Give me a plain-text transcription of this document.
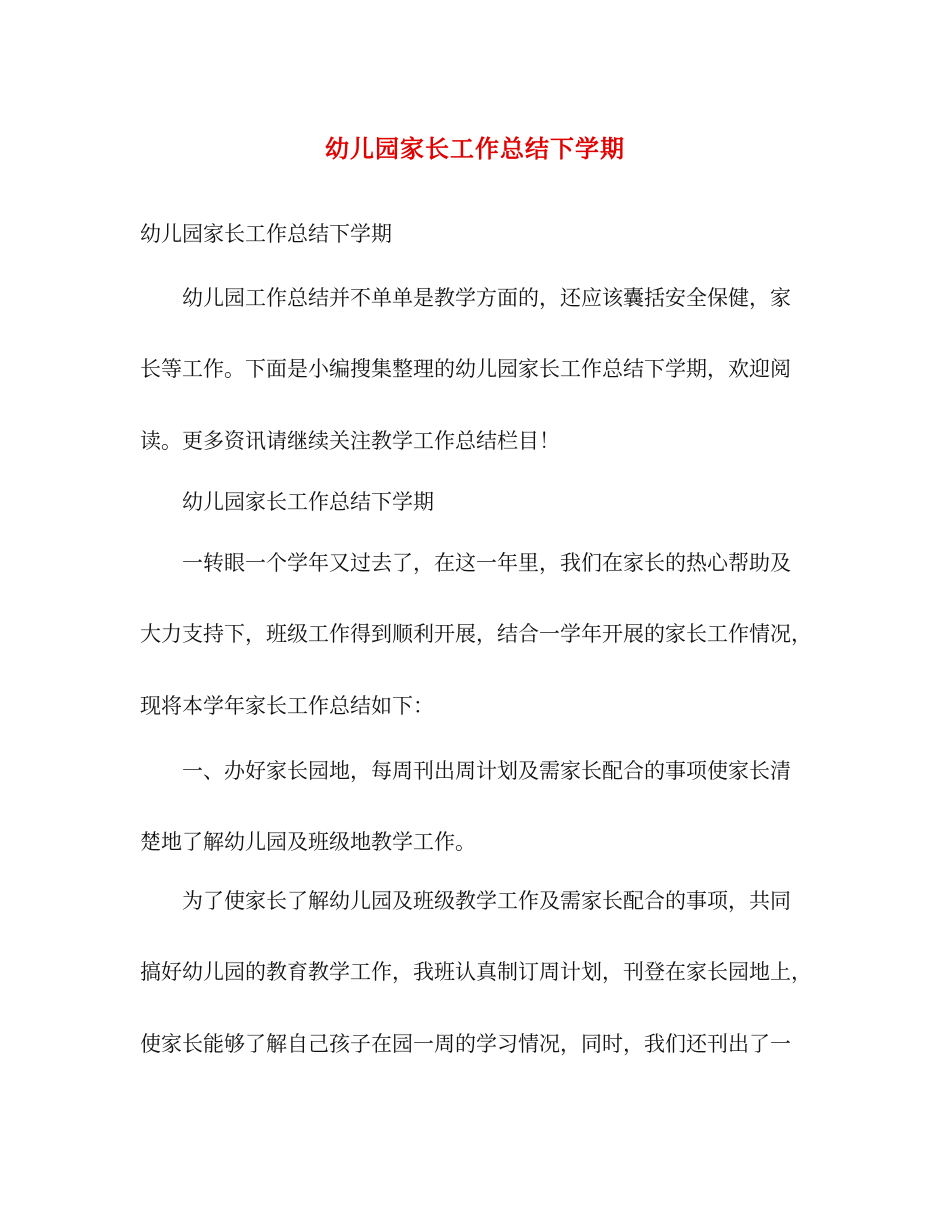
幼儿园家长工作总结下学期
幼儿园家长工作总结下学期
幼儿园工作总结并不单单是教学方面的，还应该囊括安全保健，家
长等工作。下面是小编搜集整理的幼儿园家长工作总结下学期，欢迎阅
读。更多资讯请继续关注教学工作总结栏目！
幼儿园家长工作总结下学期
一转眼一个学年又过去了，在这一年里，我们在家长的热心帮助及
大力支持下，班级工作得到顺利开展，结合一学年开展的家长工作情况，
现将本学年家长工作总结如下：
一、办好家长园地，每周刊出周计划及需家长配合的事项使家长清
楚地了解幼儿园及班级地教学工作。
为了使家长了解幼儿园及班级教学工作及需家长配合的事项，共同
搞好幼儿园的教育教学工作，我班认真制订周计划，刊登在家长园地上，
使家长能够了解自己孩子在园一周的学习情况，同时，我们还刊出了一
